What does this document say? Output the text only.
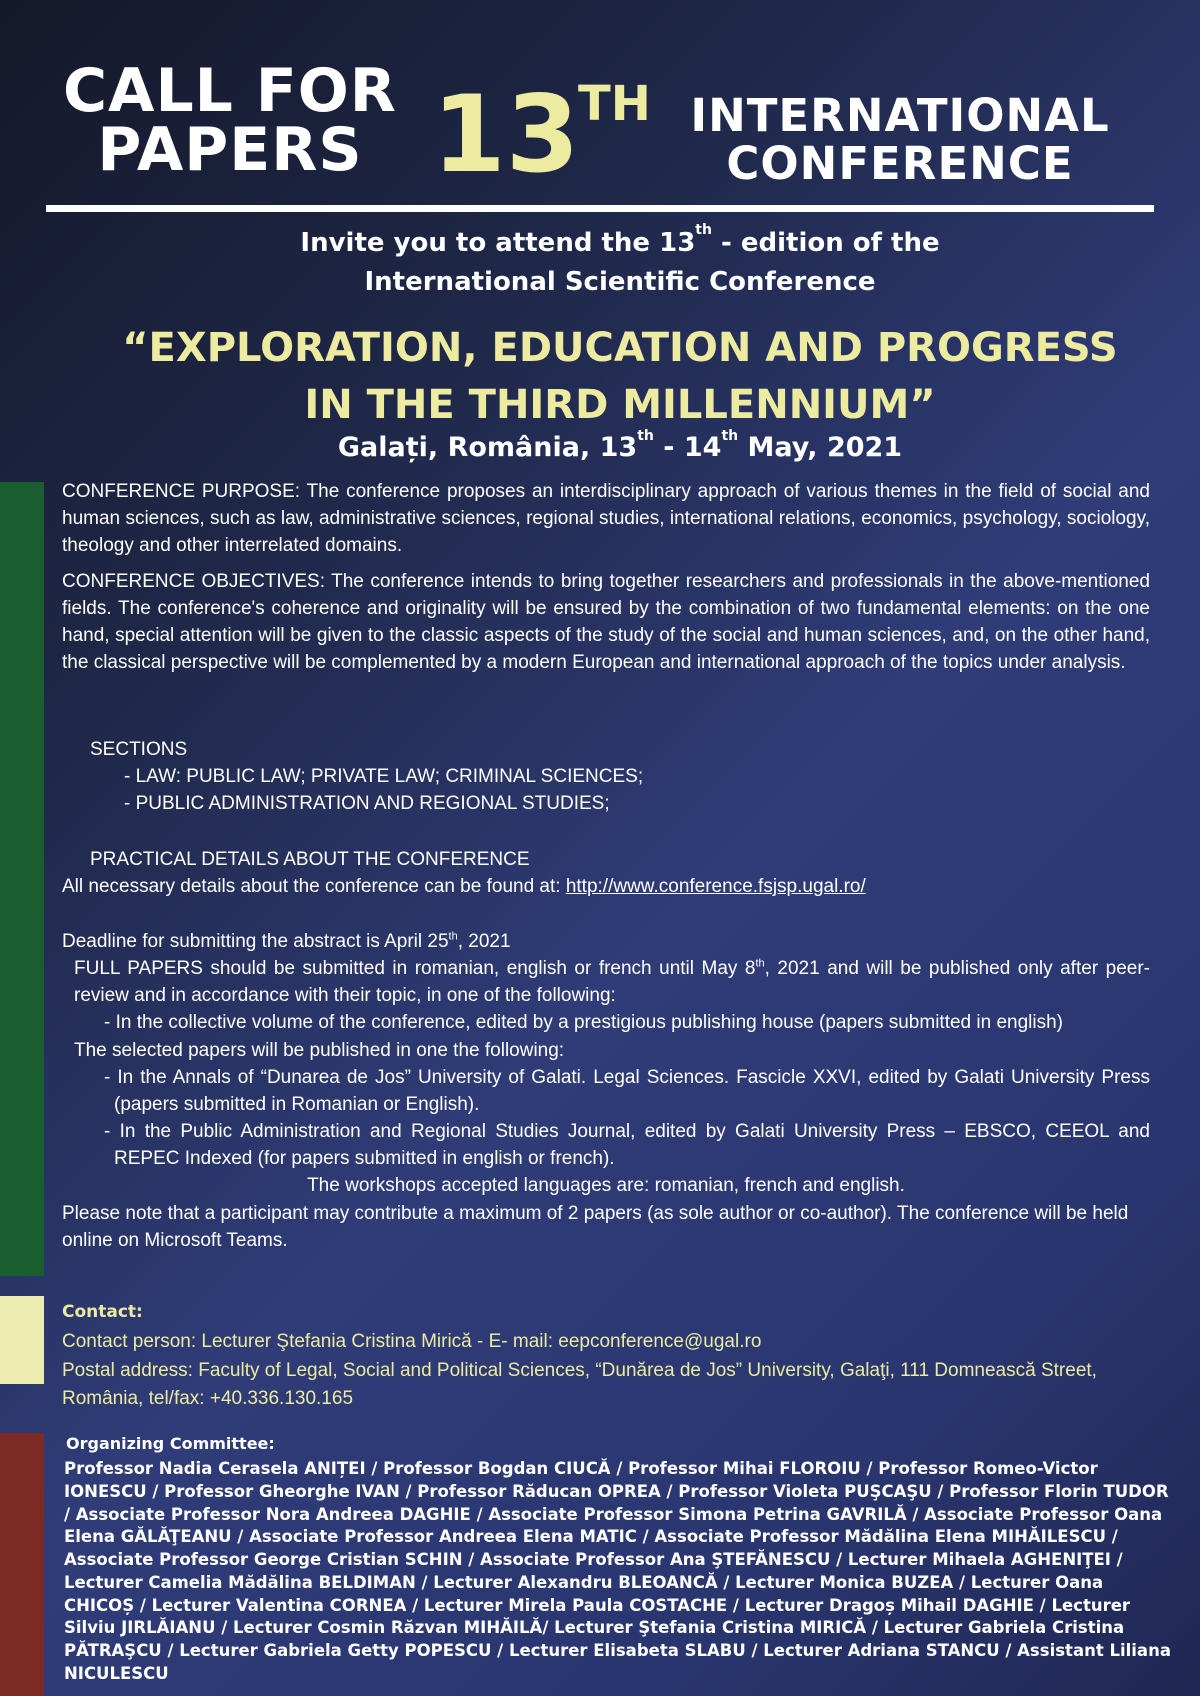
CALL FOR
PAPERS 13
TH INTERNATIONAL
CONFERENCE
Invite you to attend the 13th - edition of the
International Scientific Conference
“EXPLORATION, EDUCATION AND PROGRESS
IN THE THIRD MILLENNIUM”
Galați, România, 13th - 14th May, 2021
CONFERENCE PURPOSE: The conference proposes an interdisciplinary approach of various themes in the field of social and human sciences, such as law, administrative sciences, regional studies, international relations, economics, psychology, sociology, theology and other interrelated domains.
CONFERENCE OBJECTIVES: The conference intends to bring together researchers and professionals in the above-mentioned fields. The conference's coherence and originality will be ensured by the combination of two fundamental elements: on the one hand, special attention will be given to the classic aspects of the study of the social and human sciences, and, on the other hand, the classical perspective will be complemented by a modern European and international approach of the topics under analysis.
SECTIONS
- LAW: PUBLIC LAW; PRIVATE LAW; CRIMINAL SCIENCES;
- PUBLIC ADMINISTRATION AND REGIONAL STUDIES;
PRACTICAL DETAILS ABOUT THE CONFERENCE
All necessary details about the conference can be found at: http://www.conference.fsjsp.ugal.ro/
Deadline for submitting the abstract is April 25th, 2021
FULL PAPERS should be submitted in romanian, english or french until May 8th, 2021 and will be published only after peer-review and in accordance with their topic, in one of the following:
- In the collective volume of the conference, edited by a prestigious publishing house (papers submitted in english)
The selected papers will be published in one the following:
- In the Annals of “Dunarea de Jos” University of Galati. Legal Sciences. Fascicle XXVI, edited by Galati University Press (papers submitted in Romanian or English).
- In the Public Administration and Regional Studies Journal, edited by Galati University Press – EBSCO, CEEOL and REPEC Indexed (for papers submitted in english or french).
The workshops accepted languages are: romanian, french and english.
Please note that a participant may contribute a maximum of 2 papers (as sole author or co-author). The conference will be held online on Microsoft Teams.
Contact:
Contact person: Lecturer Ştefania Cristina Miricӑ - E- mail: eepconference@ugal.ro
Postal address: Faculty of Legal, Social and Political Sciences, “Dunărea de Jos” University, Galaţi, 111 Domnească Street, România, tel/fax: +40.336.130.165
Organizing Committee:
Professor Nadia Cerasela ANIȚEI / Professor Bogdan CIUCĂ / Professor Mihai FLOROIU / Professor Romeo-Victor IONESCU / Professor Gheorghe IVAN / Professor Răducan OPREA / Professor Violeta PUŞCAŞU / Professor Florin TUDOR / Associate Professor Nora Andreea DAGHIE / Associate Professor Simona Petrina GAVRILĂ / Associate Professor Oana Elena GĂLĂŢEANU / Associate Professor Andreea Elena MATIC / Associate Professor Mădălina Elena MIHĂILESCU / Associate Professor George Cristian SCHIN / Associate Professor Ana ŞTEFĂNESCU / Lecturer Mihaela AGHENIŢEI / Lecturer Camelia Mădălina BELDIMAN / Lecturer Alexandru BLEOANCĂ / Lecturer Monica BUZEA / Lecturer Oana CHICOȘ / Lecturer Valentina CORNEA / Lecturer Mirela Paula COSTACHE / Lecturer Dragoș Mihail DAGHIE / Lecturer Silviu JIRLĂIANU / Lecturer Cosmin Răzvan MIHĂILĂ/ Lecturer Ştefania Cristina MIRICĂ / Lecturer Gabriela Cristina PĂTRAŞCU / Lecturer Gabriela Getty POPESCU / Lecturer Elisabeta SLABU / Lecturer Adriana STANCU / Assistant Liliana NICULESCU
